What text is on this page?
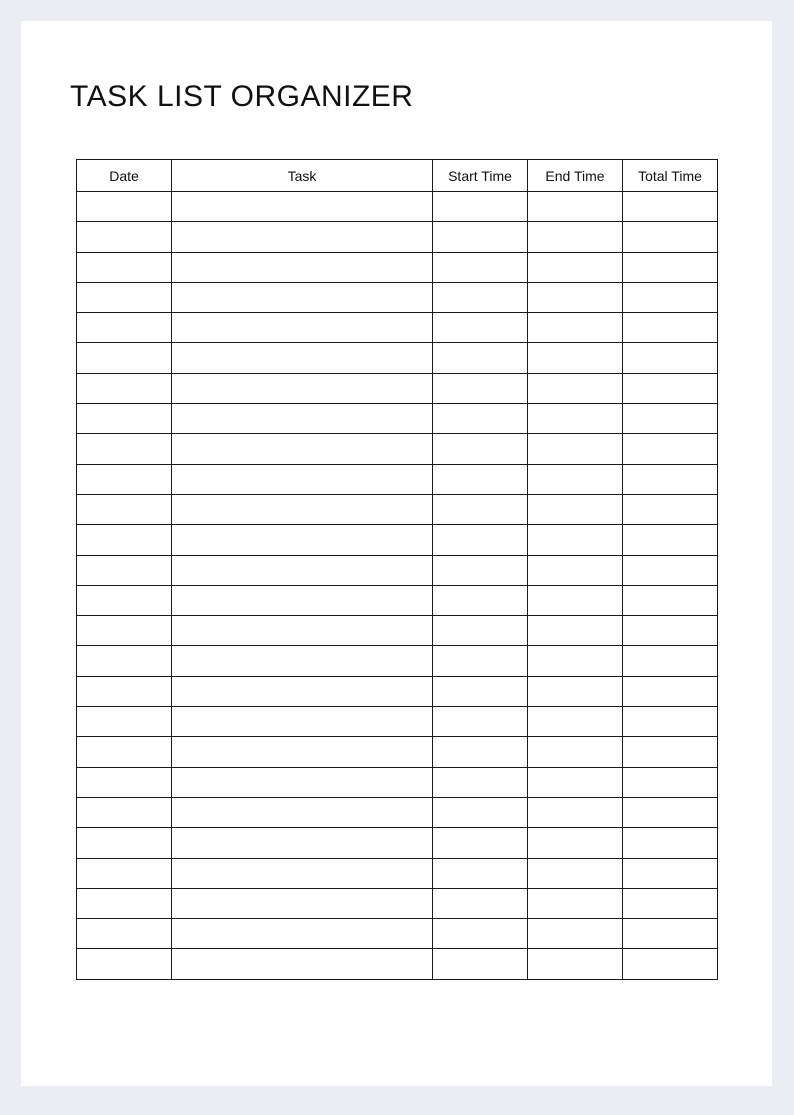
TASK LIST ORGANIZER
Date	Task	Start Time	End Time	Total Time
